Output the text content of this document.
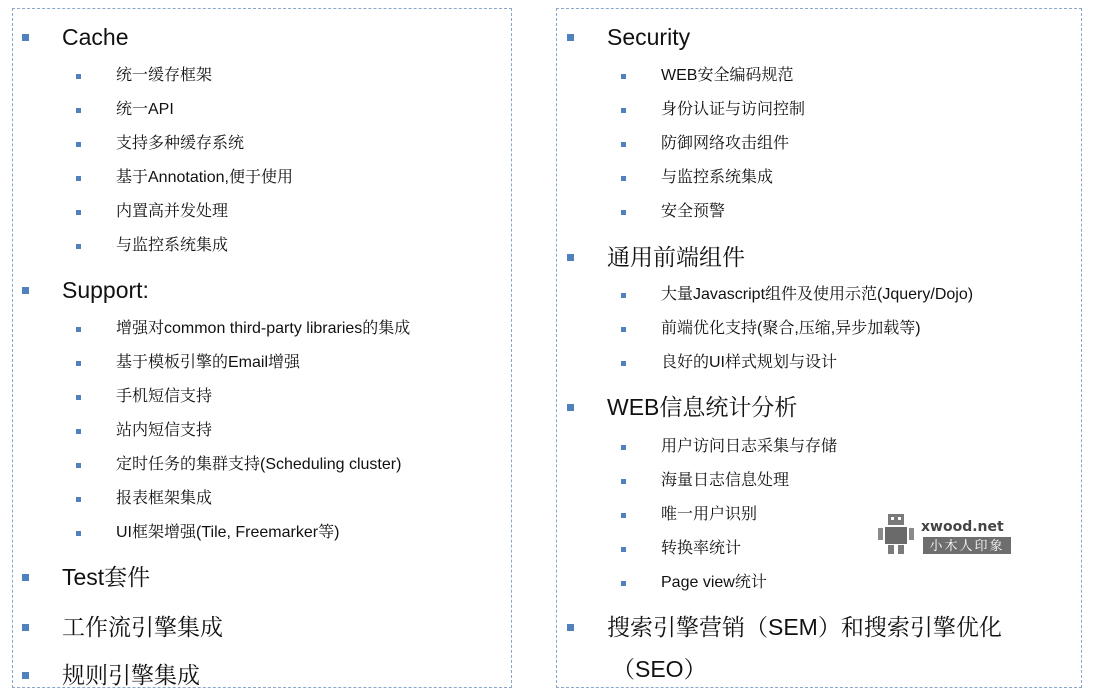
Cache
统一缓存框架
统一API
支持多种缓存系统
基于Annotation,便于使用
内置高并发处理
与监控系统集成
Support:
增强对common third-party libraries的集成
基于模板引擎的Email增强
手机短信支持
站内短信支持
定时任务的集群支持(Scheduling cluster)
报表框架集成
UI框架增强(Tile, Freemarker等)
Test套件
工作流引擎集成
规则引擎集成
Security
WEB安全编码规范
身份认证与访问控制
防御网络攻击组件
与监控系统集成
安全预警
通用前端组件
大量Javascript组件及使用示范(Jquery/Dojo)
前端优化支持(聚合,压缩,异步加载等)
良好的UI样式规划与设计
WEB信息统计分析
用户访问日志采集与存储
海量日志信息处理
唯一用户识别
转换率统计
Page view统计
搜索引擎营销（SEM）和搜索引擎优化
（SEO）
xwood.net
小木人印象
